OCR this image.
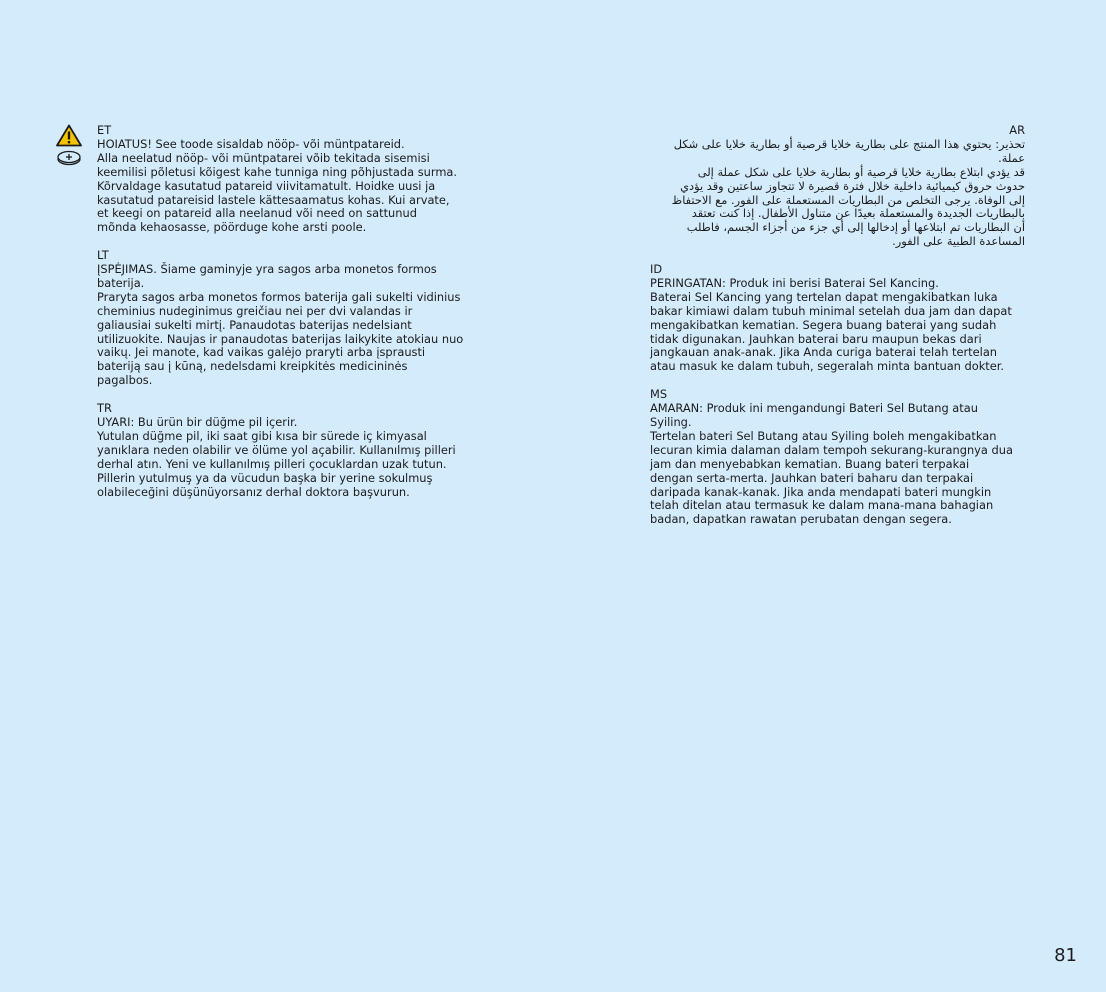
ET

HOIATUS! See toode sisaldab nööp- või müntpatareid.
Alla neelatud nööp- või müntpatarei võib tekitada sisemisi
keemilisi põletusi kõigest kahe tunniga ning põhjustada surma.
Kõrvaldage kasutatud patareid viivitamatult. Hoidke uusi ja
kasutatud patareisid lastele kättesaamatus kohas. Kui arvate,
et keegi on patareid alla neelanud või need on sattunud
mõnda kehaosasse, pöörduge kohe arsti poole.

LT

ĮSPĖJIMAS. Šiame gaminyje yra sagos arba monetos formos
baterija.
Praryta sagos arba monetos formos baterija gali sukelti vidinius
cheminius nudeginimus greičiau nei per dvi valandas ir
galiausiai sukelti mirtį. Panaudotas baterijas nedelsiant
utilizuokite. Naujas ir panaudotas baterijas laikykite atokiau nuo
vaikų. Jei manote, kad vaikas galėjo praryti arba įsprausti
bateriją sau į kūną, nedelsdami kreipkitės medicininės
pagalbos.

TR

UYARI: Bu ürün bir düğme pil içerir.
Yutulan düğme pil, iki saat gibi kısa bir sürede iç kimyasal
yanıklara neden olabilir ve ölüme yol açabilir. Kullanılmış pilleri
derhal atın. Yeni ve kullanılmış pilleri çocuklardan uzak tutun.
Pillerin yutulmuş ya da vücudun başka bir yerine sokulmuş
olabileceğini düşünüyorsanız derhal doktora başvurun.

AR

تحذير: يحتوي هذا المنتج على بطارية خلايا قرصية أو بطارية خلايا على شكل
عملة.
قد يؤدي ابتلاع بطارية خلايا قرصية أو بطارية خلايا على شكل عملة إلى
حدوث حروق كيميائية داخلية خلال فترة قصيرة لا تتجاوز ساعتين وقد يؤدي
إلى الوفاة. يرجى التخلص من البطاريات المستعملة على الفور. مع الاحتفاظ
بالبطاريات الجديدة والمستعملة بعيدًا عن متناول الأطفال. إذا كنت تعتقد
أن البطاريات تم ابتلاعها أو إدخالها إلى أي جزء من أجزاء الجسم، فاطلب
المساعدة الطبية على الفور.

ID

PERINGATAN: Produk ini berisi Baterai Sel Kancing.
Baterai Sel Kancing yang tertelan dapat mengakibatkan luka
bakar kimiawi dalam tubuh minimal setelah dua jam dan dapat
mengakibatkan kematian. Segera buang baterai yang sudah
tidak digunakan. Jauhkan baterai baru maupun bekas dari
jangkauan anak-anak. Jika Anda curiga baterai telah tertelan
atau masuk ke dalam tubuh, segeralah minta bantuan dokter.

MS

AMARAN: Produk ini mengandungi Bateri Sel Butang atau
Syiling.
Tertelan bateri Sel Butang atau Syiling boleh mengakibatkan
lecuran kimia dalaman dalam tempoh sekurang-kurangnya dua
jam dan menyebabkan kematian. Buang bateri terpakai
dengan serta-merta. Jauhkan bateri baharu dan terpakai
daripada kanak-kanak. Jika anda mendapati bateri mungkin
telah ditelan atau termasuk ke dalam mana-mana bahagian
badan, dapatkan rawatan perubatan dengan segera.

81
